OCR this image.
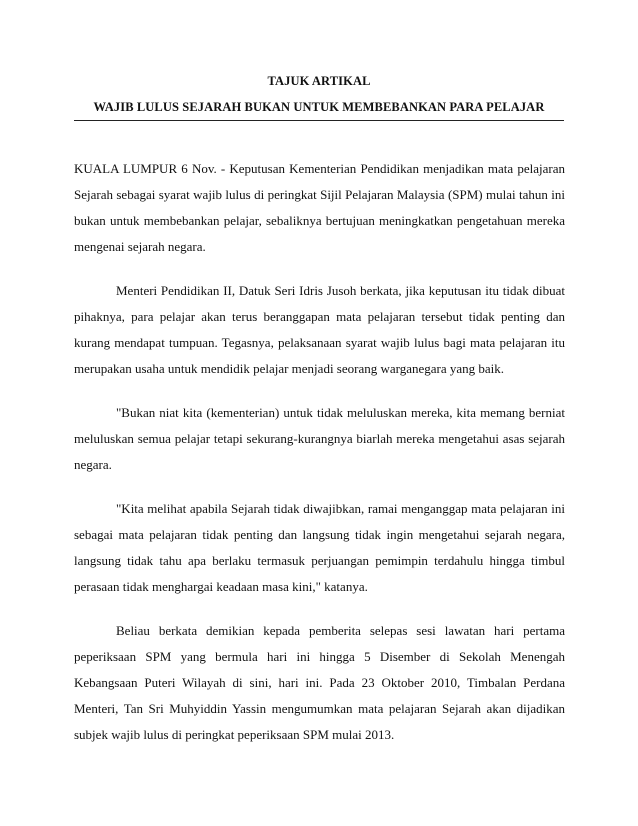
TAJUK ARTIKAL
WAJIB LULUS SEJARAH BUKAN UNTUK MEMBEBANKAN PARA PELAJAR

KUALA LUMPUR 6 Nov. - Keputusan Kementerian Pendidikan menjadikan mata pelajaran Sejarah sebagai syarat wajib lulus di peringkat Sijil Pelajaran Malaysia (SPM) mulai tahun ini bukan untuk membebankan pelajar, sebaliknya bertujuan meningkatkan pengetahuan mereka mengenai sejarah negara.

Menteri Pendidikan II, Datuk Seri Idris Jusoh berkata, jika keputusan itu tidak dibuat pihaknya, para pelajar akan terus beranggapan mata pelajaran tersebut tidak penting dan kurang mendapat tumpuan. Tegasnya, pelaksanaan syarat wajib lulus bagi mata pelajaran itu merupakan usaha untuk mendidik pelajar menjadi seorang warganegara yang baik.

"Bukan niat kita (kementerian) untuk tidak meluluskan mereka, kita memang berniat meluluskan semua pelajar tetapi sekurang-kurangnya biarlah mereka mengetahui asas sejarah negara.

"Kita melihat apabila Sejarah tidak diwajibkan, ramai menganggap mata pelajaran ini sebagai mata pelajaran tidak penting dan langsung tidak ingin mengetahui sejarah negara, langsung tidak tahu apa berlaku termasuk perjuangan pemimpin terdahulu hingga timbul perasaan tidak menghargai keadaan masa kini," katanya.

Beliau berkata demikian kepada pemberita selepas sesi lawatan hari pertama peperiksaan SPM yang bermula hari ini hingga 5 Disember di Sekolah Menengah Kebangsaan Puteri Wilayah di sini, hari ini. Pada 23 Oktober 2010, Timbalan Perdana Menteri, Tan Sri Muhyiddin Yassin mengumumkan mata pelajaran Sejarah akan dijadikan subjek wajib lulus di peringkat peperiksaan SPM mulai 2013.
